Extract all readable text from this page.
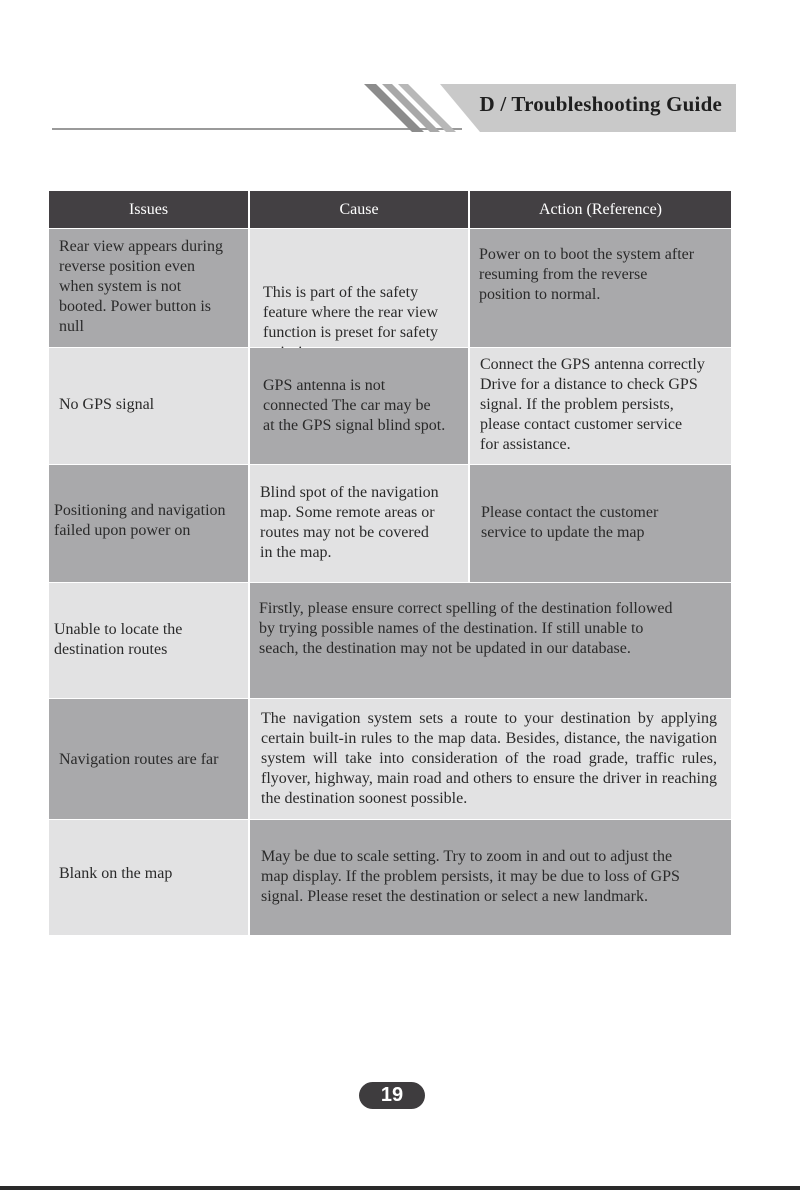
D / Troubleshooting Guide
Issues	Cause	Action (Reference)
Rear view appears during
reverse position even
when system is not
booted. Power button is
null

This is part of the safety
feature where the rear view
function is preset for safety

Power on to boot the system after
resuming from the reverse
position to normal.
No GPS signal
GPS antenna is not
connected The car may be
at the GPS signal blind spot.
Connect the GPS antenna correctly
Drive for a distance to check GPS
signal. If the problem persists,
please contact customer service
for assistance.
Positioning and navigation
failed upon power on
Blind spot of the navigation
map. Some remote areas or
routes may not be covered
in the map.
Please contact the customer
service to update the map
Unable to locate the
destination routes
Firstly, please ensure correct spelling of the destination followed
by trying possible names of the destination. If still unable to
seach, the destination may not be updated in our database.
Navigation routes are far
The navigation system sets a route to your destination by applying certain built-in rules to the map data. Besides, distance, the navigation system will take into consideration of the road grade, traffic rules, flyover, highway, main road and others to ensure the driver in reaching the destination soonest possible.
Blank on the map
May be due to scale setting. Try to zoom in and out to adjust the
map display. If the problem persists, it may be due to loss of GPS
signal. Please reset the destination or select a new landmark.
19
